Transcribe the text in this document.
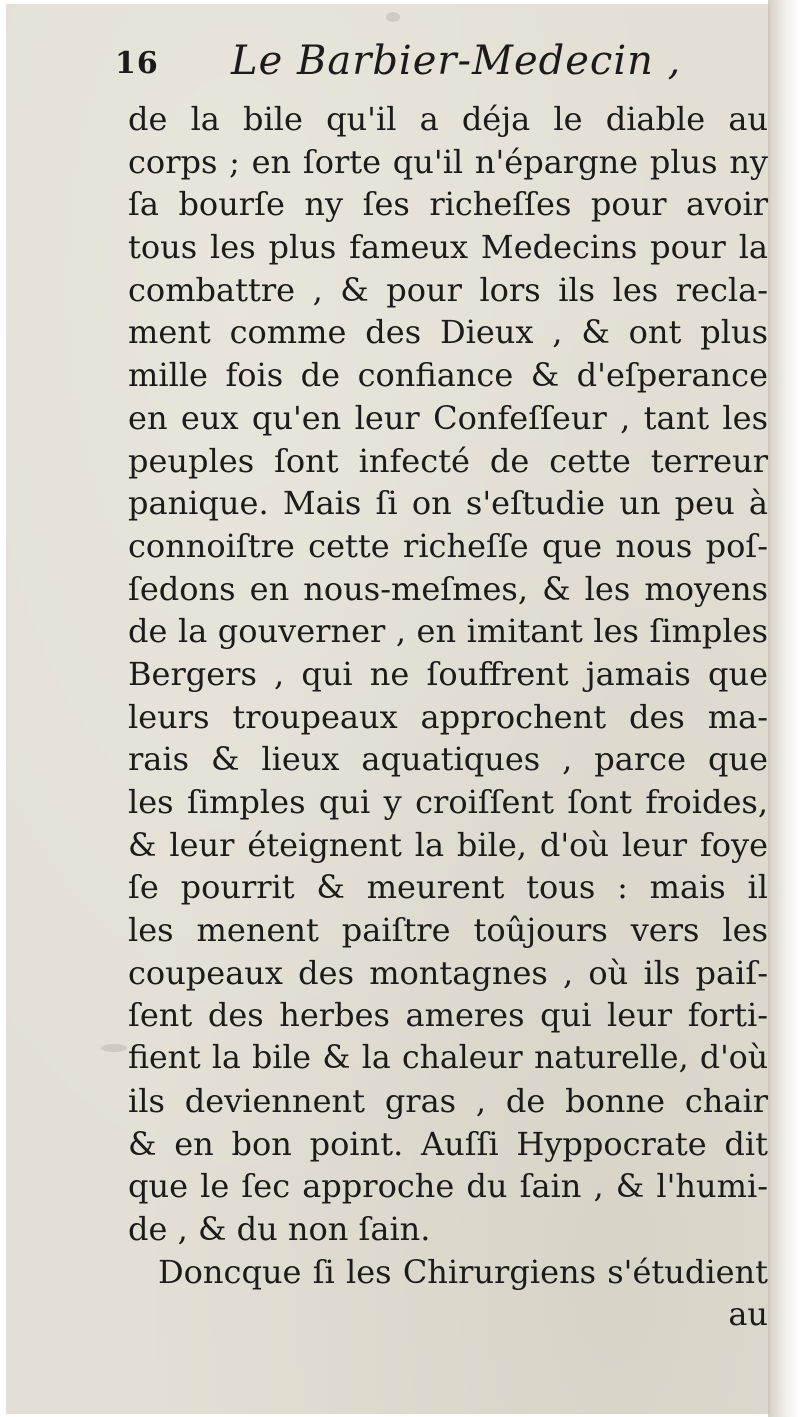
16 Le Barbier-Medecin ,
de la bile qu'il a déja le diable au
corps ; en ſorte qu'il n'épargne plus ny
ſa bourſe ny ſes richeſſes pour avoir
tous les plus fameux Medecins pour la
combattre , & pour lors ils les recla-
ment comme des Dieux , & ont plus
mille fois de confiance & d'eſperance
en eux qu'en leur Confeſſeur , tant les
peuples ſont infecté de cette terreur
panique. Mais ſi on s'eſtudie un peu à
connoiſtre cette richeſſe que nous poſ-
ſedons en nous-meſmes, & les moyens
de la gouverner , en imitant les ſimples
Bergers , qui ne ſouffrent jamais que
leurs troupeaux approchent des ma-
rais & lieux aquatiques , parce que
les ſimples qui y croiſſent ſont froides,
& leur éteignent la bile, d'où leur foye
ſe pourrit & meurent tous : mais il
les menent paiſtre toûjours vers les
coupeaux des montagnes , où ils paiſ-
ſent des herbes ameres qui leur forti-
fient la bile & la chaleur naturelle, d'où
ils deviennent gras , de bonne chair
& en bon point. Auſſi Hyppocrate dit
que le ſec approche du ſain , & l'humi-
de , & du non ſain.
Doncque ſi les Chirurgiens s'étudient
au
